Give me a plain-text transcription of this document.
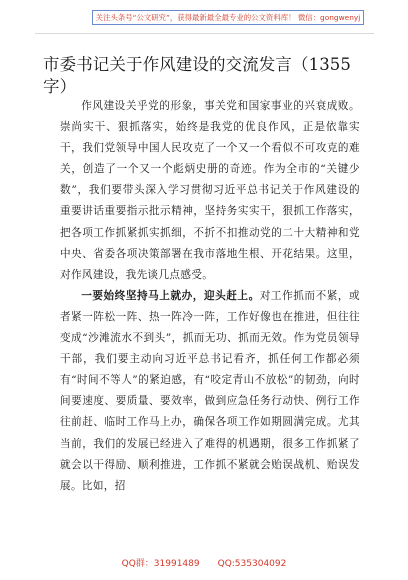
关注头条号“公文研究”，获得最新最全最专业的公文资料库！ 微信：gongwenyj
市委书记关于作风建设的交流发言（1355字）

作风建设关乎党的形象，事关党和国家事业的兴衰成败。崇尚实干、狠抓落实，始终是我党的优良作风，正是依靠实干，我们党领导中国人民攻克了一个又一个看似不可攻克的难关，创造了一个又一个彪炳史册的奇迹。作为全市的“关键少数”，我们要带头深入学习贯彻习近平总书记关于作风建设的重要讲话重要指示批示精神，坚持务实实干，狠抓工作落实，把各项工作抓紧抓实抓细，不折不扣推动党的二十大精神和党中央、省委各项决策部署在我市落地生根、开花结果。这里，对作风建设，我先谈几点感受。

一要始终坚持马上就办，迎头赶上。对工作抓而不紧，或者紧一阵松一阵、热一阵冷一阵，工作好像也在推进，但往往变成“沙滩流水不到头”，抓而无功、抓而无效。作为党员领导干部，我们要主动向习近平总书记看齐，抓任何工作都必须有“时间不等人”的紧迫感，有“咬定青山不放松”的韧劲，向时间要速度、要质量、要效率，做到应急任务行动快、例行工作往前赶、临时工作马上办，确保各项工作如期圆满完成。尤其当前，我们的发展已经进入了难得的机遇期，很多工作抓紧了就会以干得励、顺利推进，工作抓不紧就会贻误战机、贻误发展。比如，招

QQ群：31991489 QQ:535304092
